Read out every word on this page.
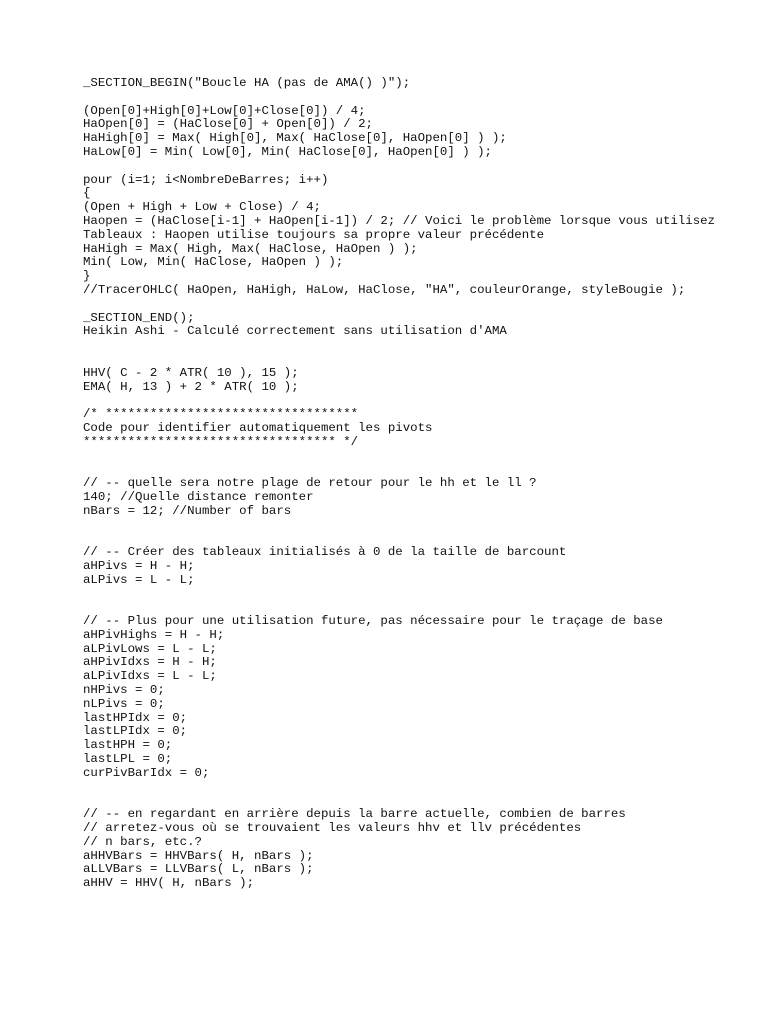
_SECTION_BEGIN("Boucle HA (pas de AMA() )");
(Open[0]+High[0]+Low[0]+Close[0]) / 4;
HaOpen[0] = (HaClose[0] + Open[0]) / 2;
HaHigh[0] = Max( High[0], Max( HaClose[0], HaOpen[0] ) );
HaLow[0] = Min( Low[0], Min( HaClose[0], HaOpen[0] ) );
pour (i=1; i<NombreDeBarres; i++)
{
(Open + High + Low + Close) / 4;
Haopen = (HaClose[i-1] + HaOpen[i-1]) / 2; // Voici le problème lorsque vous utilisez
Tableaux : Haopen utilise toujours sa propre valeur précédente
HaHigh = Max( High, Max( HaClose, HaOpen ) );
Min( Low, Min( HaClose, HaOpen ) );
}
//TracerOHLC( HaOpen, HaHigh, HaLow, HaClose, "HA", couleurOrange, styleBougie );
_SECTION_END();
Heikin Ashi - Calculé correctement sans utilisation d'AMA
HHV( C - 2 * ATR( 10 ), 15 );
EMA( H, 13 ) + 2 * ATR( 10 );
/* **********************************
Code pour identifier automatiquement les pivots
********************************** */
// -- quelle sera notre plage de retour pour le hh et le ll ?
140; //Quelle distance remonter
nBars = 12; //Number of bars
// -- Créer des tableaux initialisés à 0 de la taille de barcount
aHPivs = H - H;
aLPivs = L - L;
// -- Plus pour une utilisation future, pas nécessaire pour le traçage de base
aHPivHighs = H - H;
aLPivLows = L - L;
aHPivIdxs = H - H;
aLPivIdxs = L - L;
nHPivs = 0;
nLPivs = 0;
lastHPIdx = 0;
lastLPIdx = 0;
lastHPH = 0;
lastLPL = 0;
curPivBarIdx = 0;
// -- en regardant en arrière depuis la barre actuelle, combien de barres
// arretez-vous où se trouvaient les valeurs hhv et llv précédentes
// n bars, etc.?
aHHVBars = HHVBars( H, nBars );
aLLVBars = LLVBars( L, nBars );
aHHV = HHV( H, nBars );
